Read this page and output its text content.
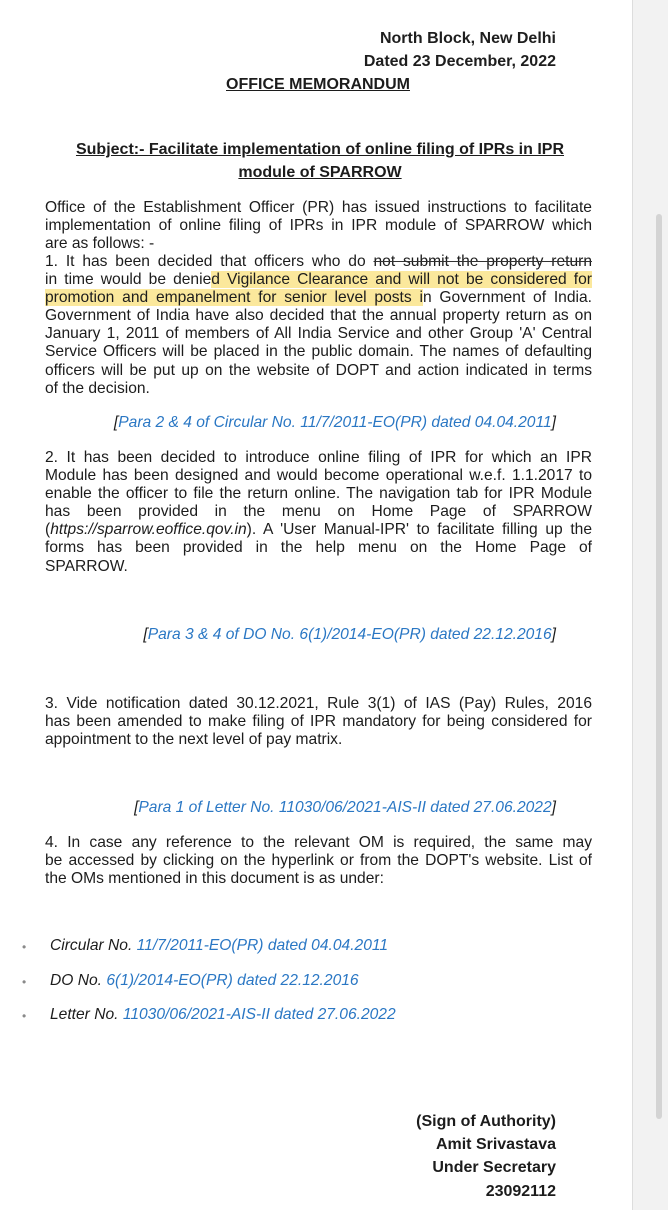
North Block, New Delhi
Dated 23 December, 2022
OFFICE MEMORANDUM
Subject:- Facilitate implementation of online filing of IPRs in IPR
module of SPARROW
Office of the Establishment Officer (PR) has issued instructions to facilitate
implementation of online filing of IPRs in IPR module of SPARROW which
are as follows: -
1. It has been decided that officers who do not submit the property return
in time would be denied Vigilance Clearance and will not be considered for
promotion and empanelment for senior level posts in Government of India.
Government of India have also decided that the annual property return as on
January 1, 2011 of members of All India Service and other Group 'A' Central
Service Officers will be placed in the public domain. The names of defaulting
officers will be put up on the website of DOPT and action indicated in terms
of the decision.
[Para 2 & 4 of Circular No. 11/7/2011-EO(PR) dated 04.04.2011]
2. It has been decided to introduce online filing of IPR for which an IPR
Module has been designed and would become operational w.e.f. 1.1.2017 to
enable the officer to file the return online. The navigation tab for IPR Module
has been provided in the menu on Home Page of SPARROW
(https://sparrow.eoffice.qov.in). A 'User Manual-IPR' to facilitate filling up the
forms has been provided in the help menu on the Home Page of
SPARROW.
[Para 3 & 4 of DO No. 6(1)/2014-EO(PR) dated 22.12.2016]
3. Vide notification dated 30.12.2021, Rule 3(1) of IAS (Pay) Rules, 2016
has been amended to make filing of IPR mandatory for being considered for
appointment to the next level of pay matrix.
[Para 1 of Letter No. 11030/06/2021-AIS-II dated 27.06.2022]
4. In case any reference to the relevant OM is required, the same may
be accessed by clicking on the hyperlink or from the DOPT's website. List of
the OMs mentioned in this document is as under:
• Circular No. 11/7/2011-EO(PR) dated 04.04.2011
• DO No. 6(1)/2014-EO(PR) dated 22.12.2016
• Letter No. 11030/06/2021-AIS-II dated 27.06.2022
(Sign of Authority)
Amit Srivastava
Under Secretary
23092112
